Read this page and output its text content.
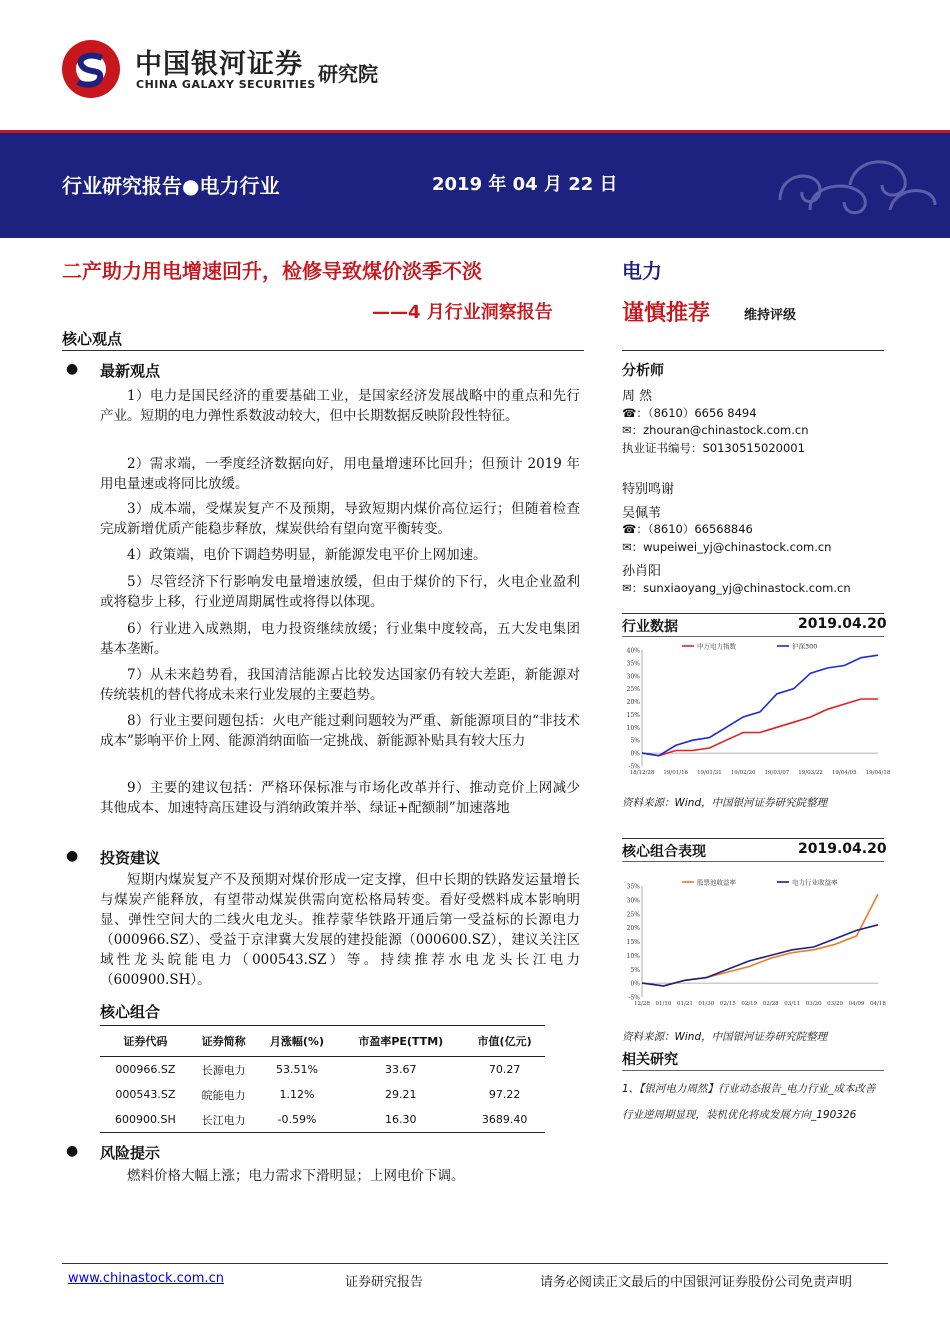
中国银河证券
CHINA GALAXY SECURITIES 研究院
行业研究报告●电力行业	2019 年 04 月 22 日
二产助力用电增速回升，检修导致煤价淡季不淡
——4 月行业洞察报告
电力
谨慎推荐	维持评级
核心观点
● 最新观点
1）电力是国民经济的重要基础工业，是国家经济发展战略中的重点和先行产业。短期的电力弹性系数波动较大，但中长期数据反映阶段性特征。
2）需求端，一季度经济数据向好，用电量增速环比回升；但预计 2019 年用电量速或将同比放缓。
3）成本端，受煤炭复产不及预期，导致短期内煤价高位运行；但随着检查完成新增优质产能稳步释放，煤炭供给有望向宽平衡转变。
4）政策端，电价下调趋势明显，新能源发电平价上网加速。
5）尽管经济下行影响发电量增速放缓，但由于煤价的下行，火电企业盈利或将稳步上移，行业逆周期属性或将得以体现。
6）行业进入成熟期，电力投资继续放缓；行业集中度较高，五大发电集团基本垄断。
7）从未来趋势看，我国清洁能源占比较发达国家仍有较大差距，新能源对传统装机的替代将成未来行业发展的主要趋势。
8）行业主要问题包括：火电产能过剩问题较为严重、新能源项目的“非技术成本”影响平价上网、能源消纳面临一定挑战、新能源补贴具有较大压力
9）主要的建议包括：严格环保标准与市场化改革并行、推动竞价上网减少其他成本、加速特高压建设与消纳政策并举、绿证+配额制”加速落地
● 投资建议
短期内煤炭复产不及预期对煤价形成一定支撑，但中长期的铁路发运量增长与煤炭产能释放，有望带动煤炭供需向宽松格局转变。看好受燃料成本影响明显、弹性空间大的二线火电龙头。推荐蒙华铁路开通后第一受益标的长源电力（000966.SZ）、受益于京津冀大发展的建投能源（000600.SZ），建议关注区域性龙头皖能电力（000543.SZ）等。持续推荐水电龙头长江电力（600900.SH）。
核心组合
证券代码	证券简称	月涨幅(%)	市盈率PE(TTM)	市值(亿元)
000966.SZ	长源电力	53.51%	33.67	70.27
000543.SZ	皖能电力	1.12%	29.21	97.22
600900.SH	长江电力	-0.59%	16.30	3689.40
● 风险提示
燃料价格大幅上涨；电力需求下滑明显；上网电价下调。
分析师
周 然
☎：（8610）6656 8494
✉：zhouran@chinastock.com.cn
执业证书编号：S0130515020001
特别鸣谢
吴佩苇
☎：（8610）66568846
✉：wupeiwei_yj@chinastock.com.cn
孙肖阳
✉：sunxiaoyang_yj@chinastock.com.cn
行业数据	2019.04.20
-5%
0%
5%
10%
15%
20%
25%
30%
35%
40%
18/12/28 19/01/16 19/01/31 19/02/20 19/03/07 19/03/22 19/04/05 19/04/18
中万电力指数	沪深300
资料来源：Wind，中国银河证券研究院整理
核心组合表现	2019.04.20
-5%
0%
5%
10%
15%
20%
25%
30%
35%
12/28 01/10 01/21 01/30 02/15 02/19 02/28 03/11 03/20 03/29 04/09 04/18
股票池收益率	电力行业收益率
资料来源：Wind，中国银河证券研究院整理
相关研究
1、【银河电力周然】行业动态报告_电力行业_成本改善行业逆周期显现，装机优化将成发展方向_190326
www.chinastock.com.cn	证券研究报告	请务必阅读正文最后的中国银河证券股份公司免责声明
